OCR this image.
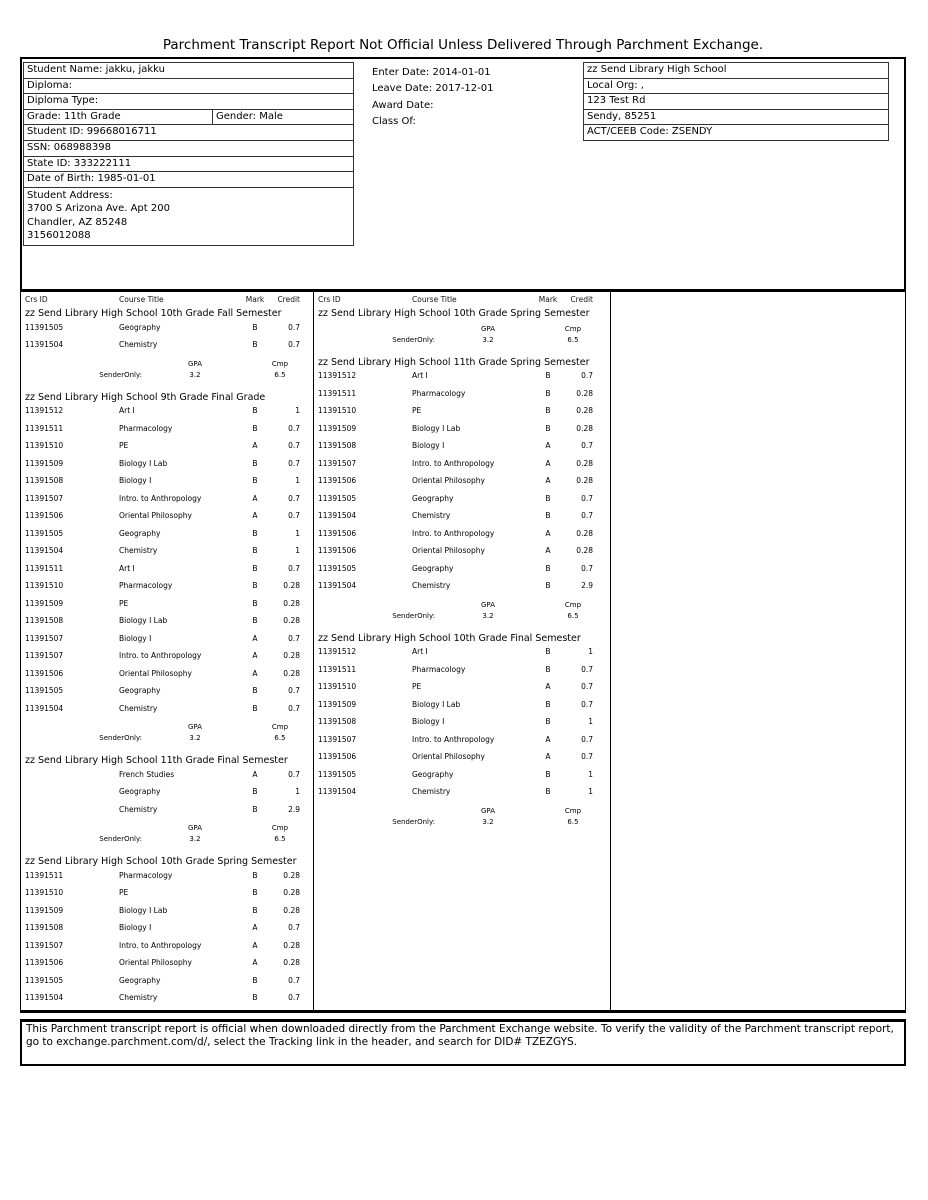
Parchment Transcript Report Not Official Unless Delivered Through Parchment Exchange.
Student Name: jakku, jakku
Diploma:
Diploma Type:
Grade: 11th Grade	Gender: Male
Student ID: 99668016711
SSN: 068988398
State ID: 333222111
Date of Birth: 1985-01-01
Student Address:
3700 S Arizona Ave. Apt 200
Chandler, AZ 85248
3156012088
Enter Date: 2014-01-01
Leave Date: 2017-12-01
Award Date:
Class Of:
zz Send Library High School
Local Org: ,
123 Test Rd
Sendy, 85251
ACT/CEEB Code: ZSENDY
Crs ID	Course Title	Mark	Credit
zz Send Library High School 10th Grade Fall Semester
11391505	Geography	B	0.7
11391504	Chemistry	B	0.7
GPA	Cmp
SenderOnly:	3.2	6.5
zz Send Library High School 9th Grade Final Grade
11391512	Art I	B	1
11391511	Pharmacology	B	0.7
11391510	PE	A	0.7
11391509	Biology I Lab	B	0.7
11391508	Biology I	B	1
11391507	Intro. to Anthropology	A	0.7
11391506	Oriental Philosophy	A	0.7
11391505	Geography	B	1
11391504	Chemistry	B	1
11391511	Art I	B	0.7
11391510	Pharmacology	B	0.28
11391509	PE	B	0.28
11391508	Biology I Lab	B	0.28
11391507	Biology I	A	0.7
11391507	Intro. to Anthropology	A	0.28
11391506	Oriental Philosophy	A	0.28
11391505	Geography	B	0.7
11391504	Chemistry	B	0.7
GPA	Cmp
SenderOnly:	3.2	6.5
zz Send Library High School 11th Grade Final Semester
French Studies	A	0.7
Geography	B	1
Chemistry	B	2.9
GPA	Cmp
SenderOnly:	3.2	6.5
zz Send Library High School 10th Grade Spring Semester
11391511	Pharmacology	B	0.28
11391510	PE	B	0.28
11391509	Biology I Lab	B	0.28
11391508	Biology I	A	0.7
11391507	Intro. to Anthropology	A	0.28
11391506	Oriental Philosophy	A	0.28
11391505	Geography	B	0.7
11391504	Chemistry	B	0.7
Crs ID	Course Title	Mark	Credit
zz Send Library High School 10th Grade Spring Semester
GPA	Cmp
SenderOnly:	3.2	6.5
zz Send Library High School 11th Grade Spring Semester
11391512	Art I	B	0.7
11391511	Pharmacology	B	0.28
11391510	PE	B	0.28
11391509	Biology I Lab	B	0.28
11391508	Biology I	A	0.7
11391507	Intro. to Anthropology	A	0.28
11391506	Oriental Philosophy	A	0.28
11391505	Geography	B	0.7
11391504	Chemistry	B	0.7
11391506	Intro. to Anthropology	A	0.28
11391506	Oriental Philosophy	A	0.28
11391505	Geography	B	0.7
11391504	Chemistry	B	2.9
GPA	Cmp
SenderOnly:	3.2	6.5
zz Send Library High School 10th Grade Final Semester
11391512	Art I	B	1
11391511	Pharmacology	B	0.7
11391510	PE	A	0.7
11391509	Biology I Lab	B	0.7
11391508	Biology I	B	1
11391507	Intro. to Anthropology	A	0.7
11391506	Oriental Philosophy	A	0.7
11391505	Geography	B	1
11391504	Chemistry	B	1
GPA	Cmp
SenderOnly:	3.2	6.5
This Parchment transcript report is official when downloaded directly from the Parchment Exchange website. To verify the validity of the Parchment transcript report, go to exchange.parchment.com/d/, select the Tracking link in the header, and search for DID# TZEZGYS.
